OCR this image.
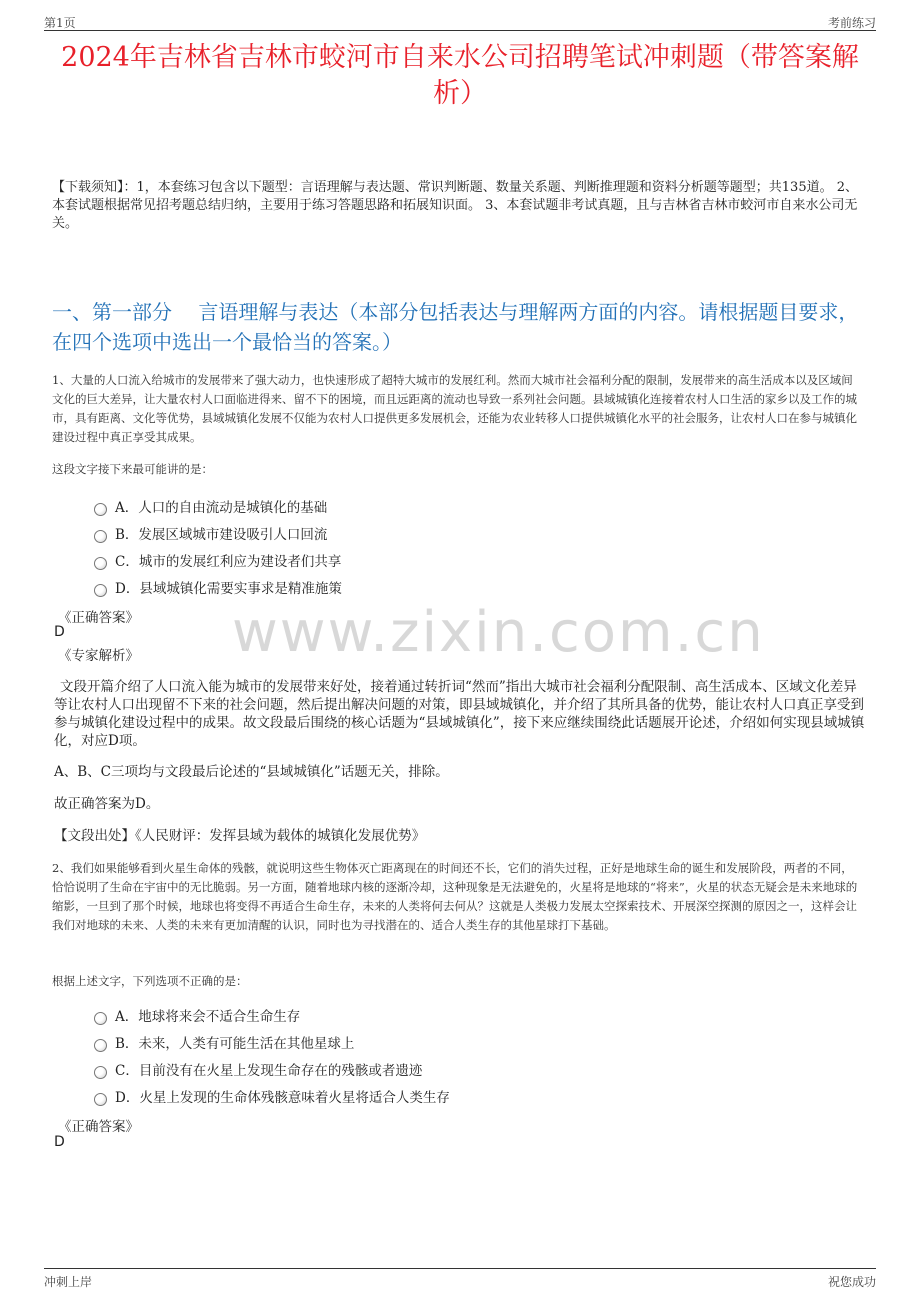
第1页	考前练习
2024年吉林省吉林市蛟河市自来水公司招聘笔试冲刺题（带答案解析）
【下载须知】：1，本套练习包含以下题型：言语理解与表达题、常识判断题、数量关系题、判断推理题和资料分析题等题型；共135道。 2、本套试题根据常见招考题总结归纳，主要用于练习答题思路和拓展知识面。 3、本套试题非考试真题，且与吉林省吉林市蛟河市自来水公司无关。
一、第一部分　 言语理解与表达（本部分包括表达与理解两方面的内容。请根据题目要求，在四个选项中选出一个最恰当的答案。）
1、大量的人口流入给城市的发展带来了强大动力，也快速形成了超特大城市的发展红利。然而大城市社会福利分配的限制，发展带来的高生活成本以及区域间文化的巨大差异，让大量农村人口面临进得来、留不下的困境，而且远距离的流动也导致一系列社会问题。县域城镇化连接着农村人口生活的家乡以及工作的城市，具有距离、文化等优势，县域城镇化发展不仅能为农村人口提供更多发展机会，还能为农业转移人口提供城镇化水平的社会服务，让农村人口在参与城镇化建设过程中真正享受其成果。
这段文字接下来最可能讲的是：
A．人口的自由流动是城镇化的基础
B．发展区域城市建设吸引人口回流
C．城市的发展红利应为建设者们共享
D．县域城镇化需要实事求是精准施策
《正确答案》
D
《专家解析》
文段开篇介绍了人口流入能为城市的发展带来好处，接着通过转折词“然而”指出大城市社会福利分配限制、高生活成本、区域文化差异等让农村人口出现留不下来的社会问题，然后提出解决问题的对策，即县域城镇化，并介绍了其所具备的优势，能让农村人口真正享受到参与城镇化建设过程中的成果。故文段最后围绕的核心话题为“县域城镇化”，接下来应继续围绕此话题展开论述，介绍如何实现县域城镇化，对应D项。
A、B、C三项均与文段最后论述的“县域城镇化”话题无关，排除。
故正确答案为D。
【文段出处】《人民财评：发挥县域为载体的城镇化发展优势》
2、我们如果能够看到火星生命体的残骸，就说明这些生物体灭亡距离现在的时间还不长，它们的消失过程，正好是地球生命的诞生和发展阶段，两者的不同，恰恰说明了生命在宇宙中的无比脆弱。另一方面，随着地球内核的逐渐冷却，这种现象是无法避免的，火星将是地球的“将来”，火星的状态无疑会是未来地球的缩影，一旦到了那个时候，地球也将变得不再适合生命生存，未来的人类将何去何从？这就是人类极力发展太空探索技术、开展深空探测的原因之一，这样会让我们对地球的未来、人类的未来有更加清醒的认识，同时也为寻找潜在的、适合人类生存的其他星球打下基础。
根据上述文字，下列选项不正确的是：
A．地球将来会不适合生命生存
B．未来，人类有可能生活在其他星球上
C．目前没有在火星上发现生命存在的残骸或者遗迹
D．火星上发现的生命体残骸意味着火星将适合人类生存
《正确答案》
D
www.zixin.com.cn
冲刺上岸	祝您成功
